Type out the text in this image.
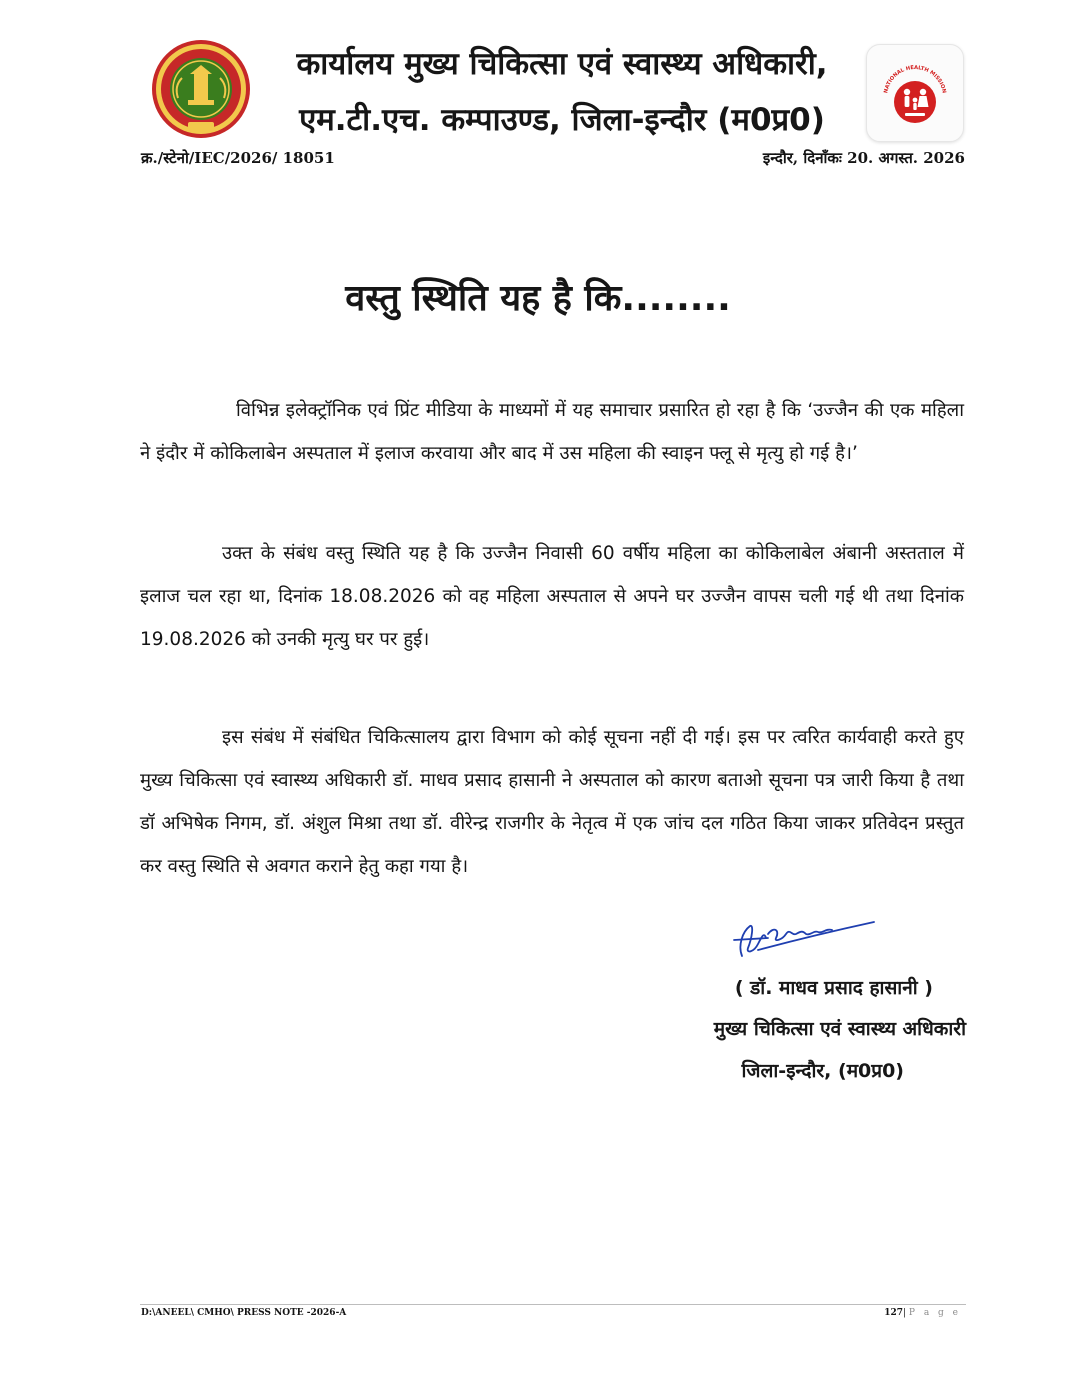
कार्यालय मुख्य चिकित्सा एवं स्वास्थ्य अधिकारी,
एम.टी.एच. कम्पाउण्ड, जिला-इन्दौर (म0प्र0)
NATIONAL HEALTH MISSION
क्र./स्टेनो/IEC/2026/ 18051	इन्दौर, दिनाँकः 20. अगस्त. 2026
वस्तु स्थिति यह है कि........

विभिन्न इलेक्ट्रॉनिक एवं प्रिंट मीडिया के माध्यमों में यह समाचार प्रसारित हो रहा है कि ‘उज्जैन की एक महिला ने इंदौर में कोकिलाबेन अस्पताल में इलाज करवाया और बाद में उस महिला की स्वाइन फ्लू से मृत्यु हो गई है।’

उक्त के संबंध वस्तु स्थिति यह है कि उज्जैन निवासी 60 वर्षीय महिला का कोकिलाबेल अंबानी अस्तताल में इलाज चल रहा था, दिनांक 18.08.2026 को वह महिला अस्पताल से अपने घर उज्जैन वापस चली गई थी तथा दिनांक 19.08.2026 को उनकी मृत्यु घर पर हुई।

इस संबंध में संबंधित चिकित्सालय द्वारा विभाग को कोई सूचना नहीं दी गई। इस पर त्वरित कार्यवाही करते हुए मुख्य चिकित्सा एवं स्वास्थ्य अधिकारी डॉ. माधव प्रसाद हासानी ने अस्पताल को कारण बताओ सूचना पत्र जारी किया है तथा डॉ अभिषेक निगम, डॉ. अंशुल मिश्रा तथा डॉ. वीरेन्द्र राजगीर के नेतृत्व में एक जांच दल गठित किया जाकर प्रतिवेदन प्रस्तुत कर वस्तु स्थिति से अवगत कराने हेतु कहा गया है।

( डॉ. माधव प्रसाद हासानी )
मुख्य चिकित्सा एवं स्वास्थ्य अधिकारी
जिला-इन्दौर, (म0प्र0)
D:\ANEEL\ CMHO\ PRESS NOTE -2026-A	127| P a g e
